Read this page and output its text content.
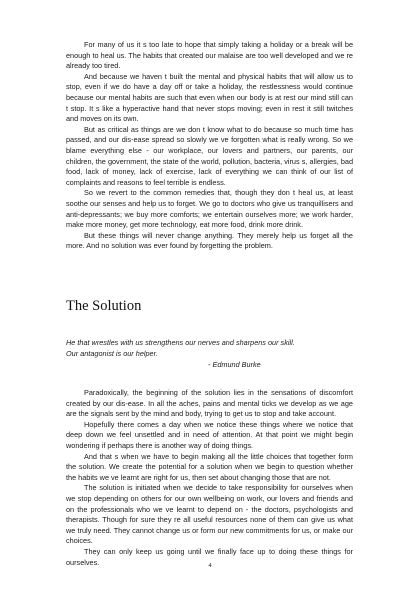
For many of us it s too late to hope that simply taking a holiday or a break will be enough to heal us. The habits that created our malaise are too well developed and we re already too tired.

And because we haven t built the mental and physical habits that will allow us to stop, even if we do have a day off or take a holiday, the restlessness would continue because our mental habits are such that even when our body is at rest our mind still can t stop. It s like a hyperactive hand that never stops moving; even in rest it still twitches and moves on its own.

But as critical as things are we don t know what to do because so much time has passed, and our dis-ease spread so slowly we ve forgotten what is really wrong. So we blame everything else - our workplace, our lovers and partners, our parents, our children, the government, the state of the world, pollution, bacteria, virus s, allergies, bad food, lack of money, lack of exercise, lack of everything we can think of our list of complaints and reasons to feel terrible is endless.

So we revert to the common remedies that, though they don t heal us, at least soothe our senses and help us to forget. We go to doctors who give us tranquillisers and anti-depressants; we buy more comforts; we entertain ourselves more; we work harder, make more money, get more technology, eat more food, drink more drink.

But these things will never change anything. They merely help us forget all the more. And no solution was ever found by forgetting the problem.

The Solution
He that wrestles with us strengthens our nerves and sharpens our skill.
Our antagonist is our helper.
- Edmund Burke

Paradoxically, the beginning of the solution lies in the sensations of discomfort created by our dis-ease. In all the aches, pains and mental ticks we develop as we age are the signals sent by the mind and body, trying to get us to stop and take account.

Hopefully there comes a day when we notice these things where we notice that deep down we feel unsettled and in need of attention. At that point we might begin wondering if perhaps there is another way of doing things.

And that s when we have to begin making all the little choices that together form the solution. We create the potential for a solution when we begin to question whether the habits we ve learnt are right for us, then set about changing those that are not.

The solution is initiated when we decide to take responsibility for ourselves when we stop depending on others for our own wellbeing on work, our lovers and friends and on the professionals who we ve learnt to depend on - the doctors, psychologists and therapists. Though for sure they re all useful resources none of them can give us what we truly need. They cannot change us or form our new commitments for us, or make our choices.

They can only keep us going until we finally face up to doing these things for ourselves.	4
